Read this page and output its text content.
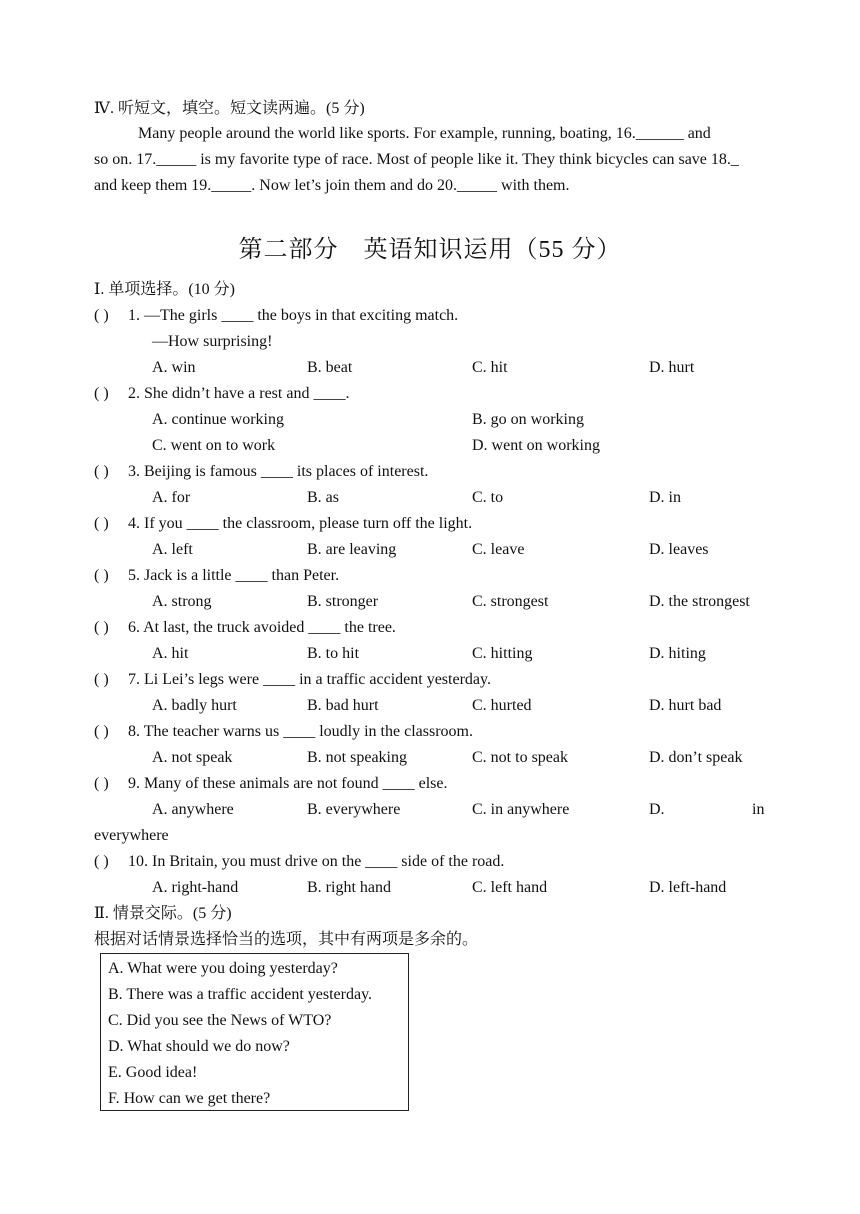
Ⅳ. 听短文，填空。短文读两遍。(5 分)
Many people around the world like sports. For example, running, boating, 16.______ and
so on. 17._____ is my favorite type of race. Most of people like it. They think bicycles can save 18._
and keep them 19._____. Now let’s join them and do 20._____ with them.
第二部分　英语知识运用（55 分）
Ⅰ. 单项选择。(10 分)
( ) 1. —The girls ____ the boys in that exciting match.
—How surprising!
A. win	B. beat	C. hit	D. hurt
( ) 2. She didn’t have a rest and ____.
A. continue working	B. go on working
C. went on to work	D. went on working
( ) 3. Beijing is famous ____ its places of interest.
A. for	B. as	C. to	D. in
( ) 4. If you ____ the classroom, please turn off the light.
A. left	B. are leaving	C. leave	D. leaves
( ) 5. Jack is a little ____ than Peter.
A. strong	B. stronger	C. strongest	D. the strongest
( ) 6. At last, the truck avoided ____ the tree.
A. hit	B. to hit	C. hitting	D. hiting
( ) 7. Li Lei’s legs were ____ in a traffic accident yesterday.
A. badly hurt	B. bad hurt	C. hurted	D. hurt bad
( ) 8. The teacher warns us ____ loudly in the classroom.
A. not speak	B. not speaking	C. not to speak	D. don’t speak
( ) 9. Many of these animals are not found ____ else.
A. anywhere	B. everywhere	C. in anywhere	D.	in
everywhere
( ) 10. In Britain, you must drive on the ____ side of the road.
A. right-hand	B. right hand	C. left hand	D. left-hand
Ⅱ. 情景交际。(5 分)
根据对话情景选择恰当的选项，其中有两项是多余的。
A. What were you doing yesterday?
B. There was a traffic accident yesterday.
C. Did you see the News of WTO?
D. What should we do now?
E. Good idea!
F. How can we get there?
